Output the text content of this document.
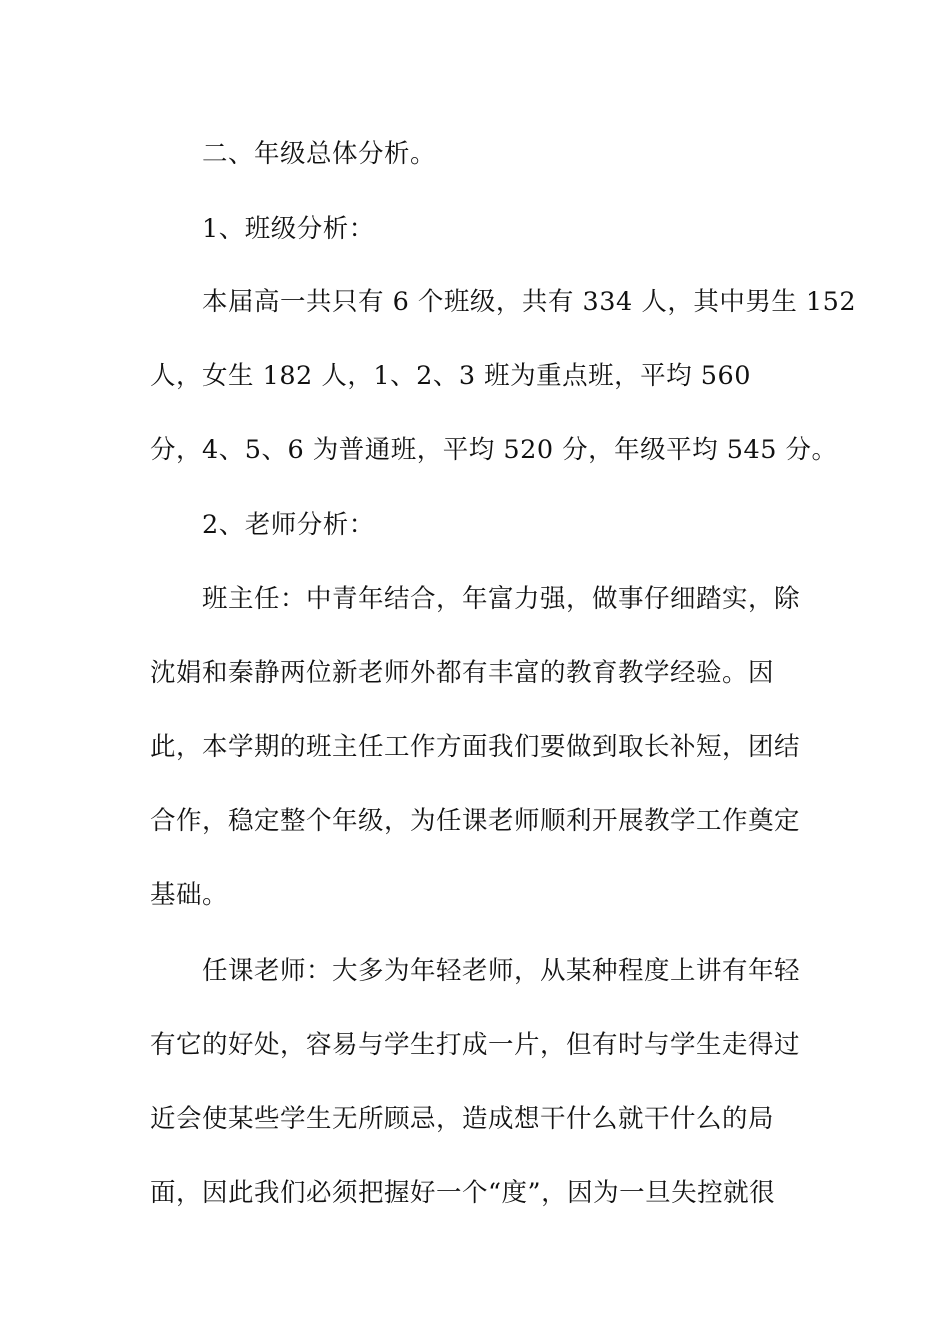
二、年级总体分析。
1、班级分析：
本届高一共只有 6 个班级，共有 334 人，其中男生 152
人，女生 182 人，1、2、3 班为重点班，平均 560
分，4、5、6 为普通班，平均 520 分，年级平均 545 分。
2、老师分析：
班主任：中青年结合，年富力强，做事仔细踏实，除
沈娟和秦静两位新老师外都有丰富的教育教学经验。因
此，本学期的班主任工作方面我们要做到取长补短，团结
合作，稳定整个年级，为任课老师顺利开展教学工作奠定
基础。
任课老师：大多为年轻老师，从某种程度上讲有年轻
有它的好处，容易与学生打成一片，但有时与学生走得过
近会使某些学生无所顾忌，造成想干什么就干什么的局
面，因此我们必须把握好一个“度”，因为一旦失控就很
